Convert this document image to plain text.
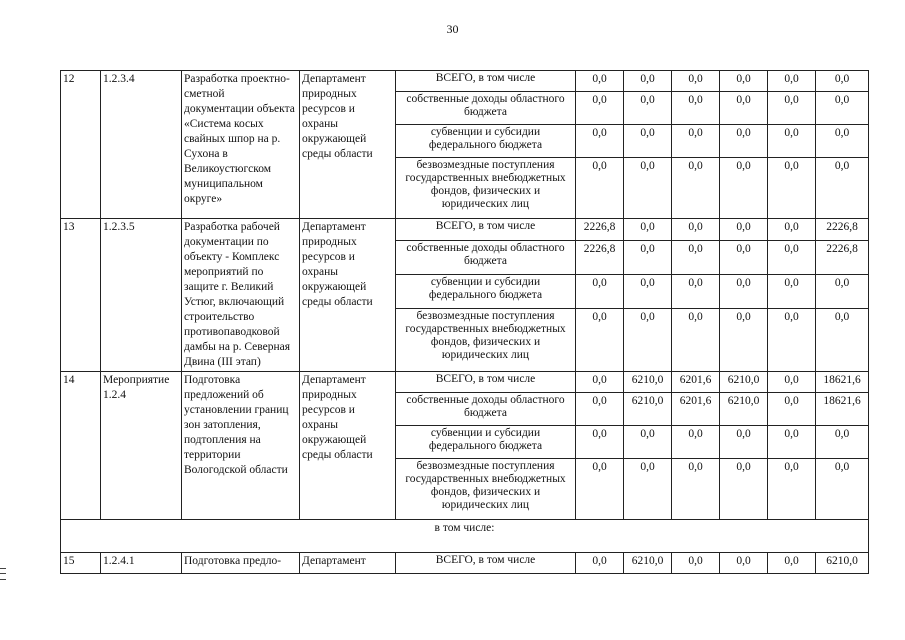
30
12	1.2.3.4	Разработка проектно-сметной документации объекта «Система косых свайных шпор на р. Сухона в Великоустюгском муниципальном округе»	Департамент природных ресурсов и охраны окружающей среды области	ВСЕГО, в том числе	0,0	0,0	0,0	0,0	0,0	0,0
				собственные доходы областного бюджета	0,0	0,0	0,0	0,0	0,0	0,0
				субвенции и субсидии федерального бюджета	0,0	0,0	0,0	0,0	0,0	0,0
				безвозмездные поступления государственных внебюджетных фондов, физических и юридических лиц	0,0	0,0	0,0	0,0	0,0	0,0
13	1.2.3.5	Разработка рабочей документации по объекту - Комплекс мероприятий по защите г. Великий Устюг, включающий строительство противопаводковой дамбы на р. Северная Двина (III этап)	Департамент природных ресурсов и охраны окружающей среды области	ВСЕГО, в том числе	2226,8	0,0	0,0	0,0	0,0	2226,8
				собственные доходы областного бюджета	2226,8	0,0	0,0	0,0	0,0	2226,8
				субвенции и субсидии федерального бюджета	0,0	0,0	0,0	0,0	0,0	0,0
				безвозмездные поступления государственных внебюджетных фондов, физических и юридических лиц	0,0	0,0	0,0	0,0	0,0	0,0
14	Мероприятие 1.2.4	Подготовка предложений об установлении границ зон затопления, подтопления на территории Вологодской области	Департамент природных ресурсов и охраны окружающей среды области	ВСЕГО, в том числе	0,0	6210,0	6201,6	6210,0	0,0	18621,6
				собственные доходы областного бюджета	0,0	6210,0	6201,6	6210,0	0,0	18621,6
				субвенции и субсидии федерального бюджета	0,0	0,0	0,0	0,0	0,0	0,0
				безвозмездные поступления государственных внебюджетных фондов, физических и юридических лиц	0,0	0,0	0,0	0,0	0,0	0,0
в том числе:										
15	1.2.4.1	Подготовка предло-	Департамент	ВСЕГО, в том числе	0,0	6210,0	0,0	0,0	0,0	6210,0
